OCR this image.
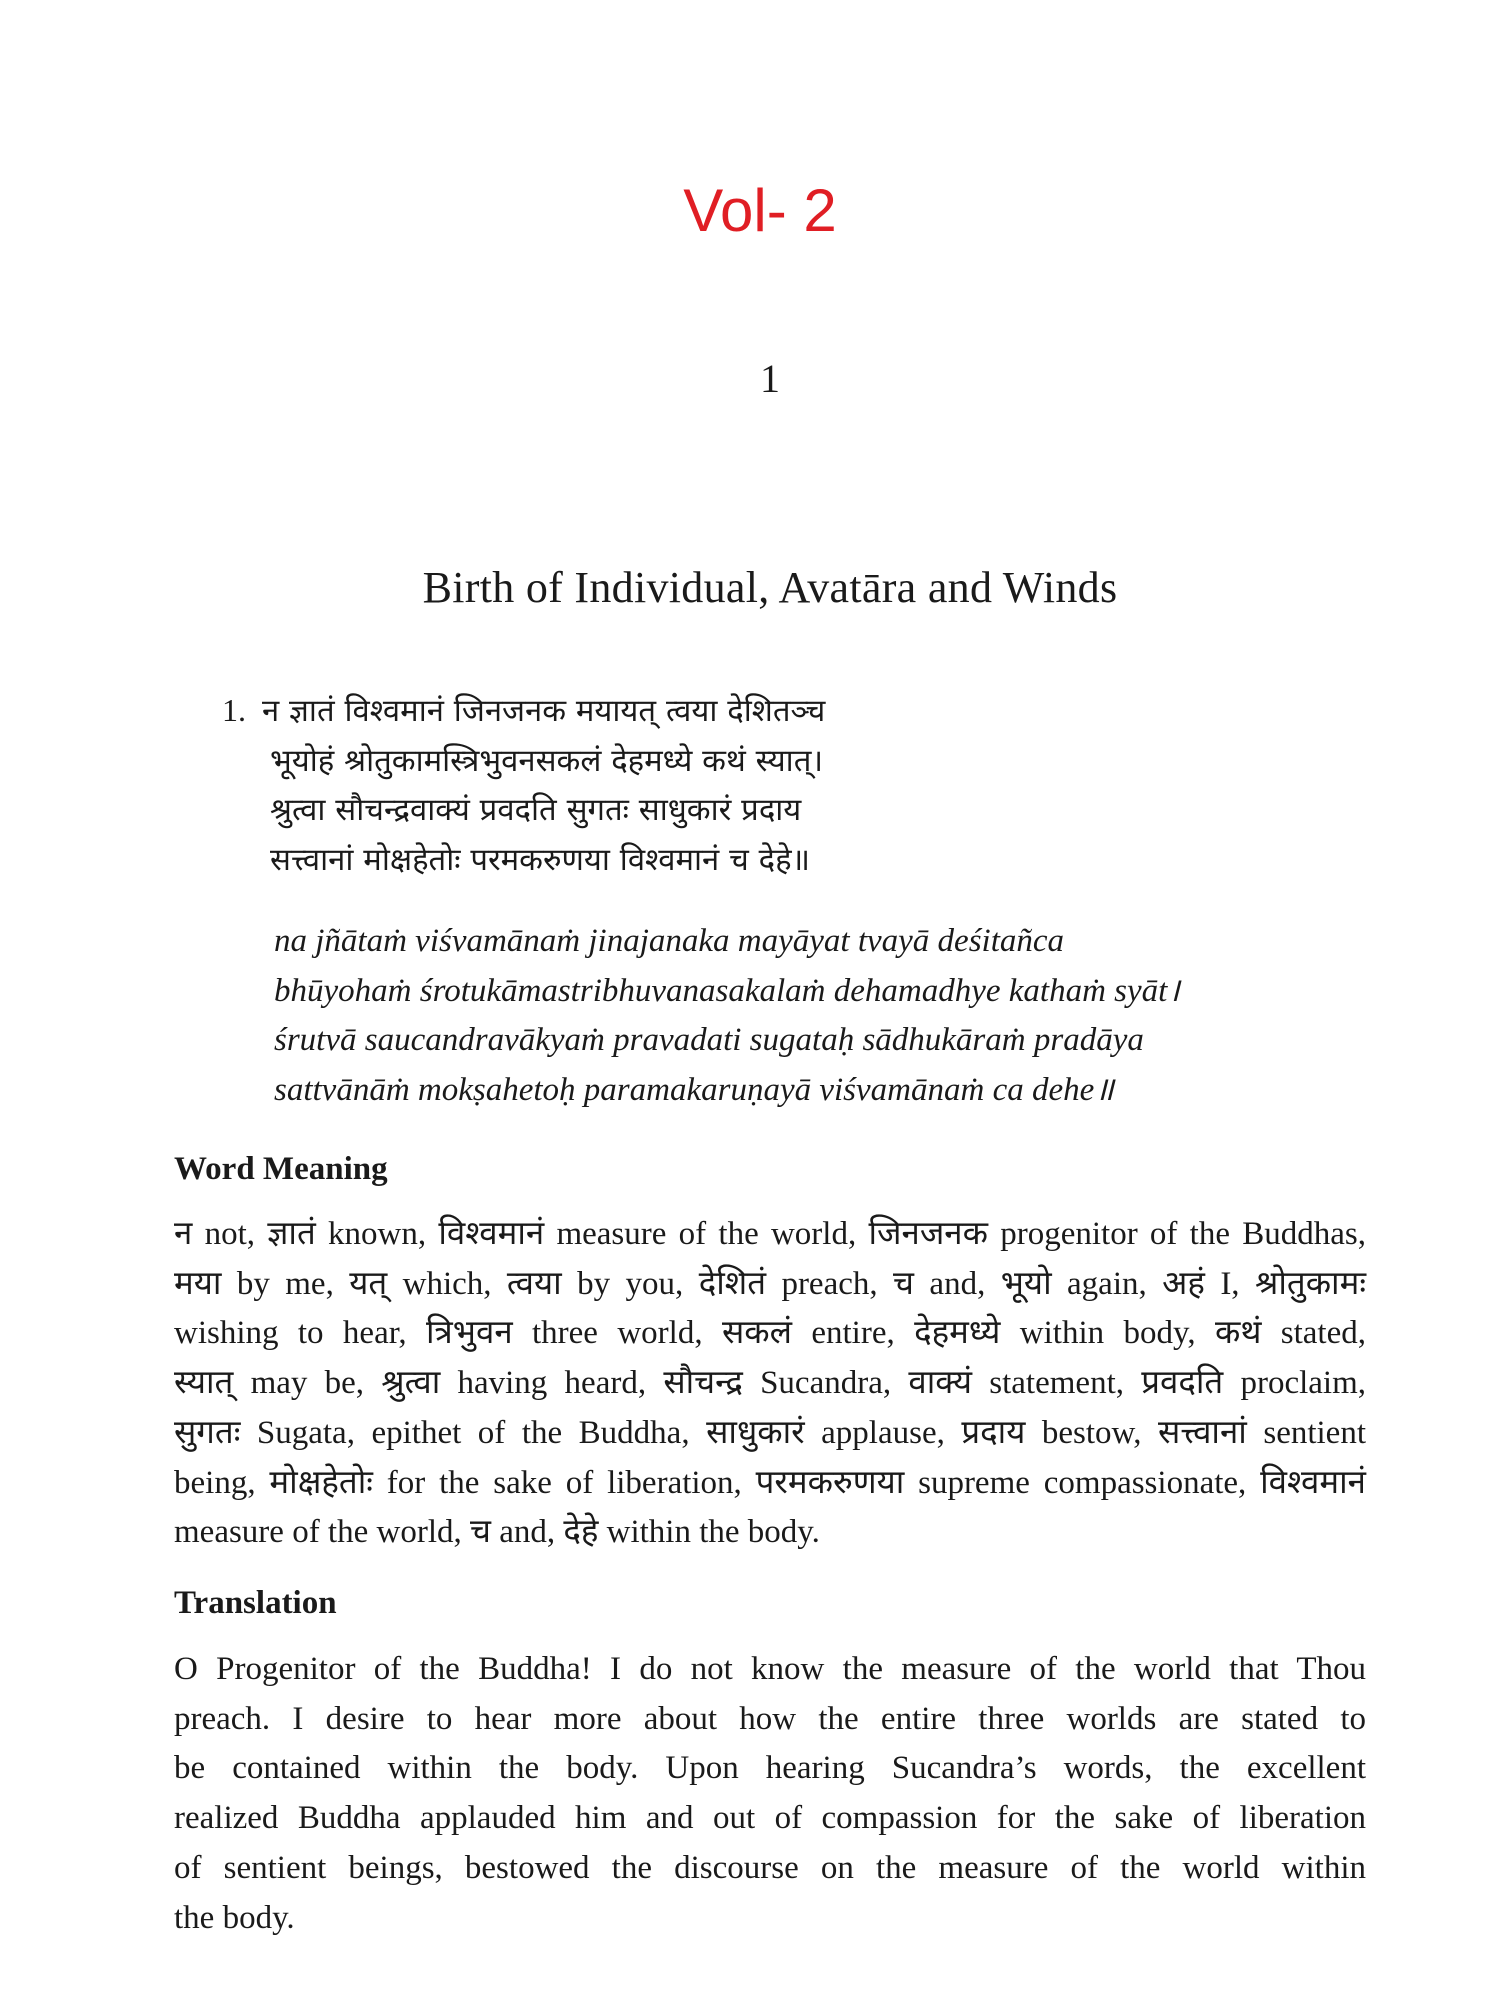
Vol- 2
1
Birth of Individual, Avatāra and Winds
1. न ज्ञातं विश्वमानं जिनजनक मयायत् त्वया देशितञ्च
भूयोहं श्रोतुकामस्त्रिभुवनसकलं देहमध्ये कथं स्यात्।
श्रुत्वा सौचन्द्रवाक्यं प्रवदति सुगतः साधुकारं प्रदाय
सत्त्वानां मोक्षहेतोः परमकरुणया विश्वमानं च देहे॥
na jñātaṁ viśvamānaṁ jinajanaka mayāyat tvayā deśitañca
bhūyohaṁ śrotukāmastribhuvanasakalaṁ dehamadhye kathaṁ syāt।
śrutvā saucandravākyaṁ pravadati sugataḥ sādhukāraṁ pradāya
sattvānāṁ mokṣahetoḥ paramakaruṇayā viśvamānaṁ ca dehe॥
Word Meaning
न not, ज्ञातं known, विश्वमानं measure of the world, जिनजनक progenitor of the Buddhas,
मया by me, यत् which, त्वया by you, देशितं preach, च and, भूयो again, अहं I, श्रोतुकामः
wishing to hear, त्रिभुवन three world, सकलं entire, देहमध्ये within body, कथं stated,
स्यात् may be, श्रुत्वा having heard, सौचन्द्र Sucandra, वाक्यं statement, प्रवदति proclaim,
सुगतः Sugata, epithet of the Buddha, साधुकारं applause, प्रदाय bestow, सत्त्वानां sentient
being, मोक्षहेतोः for the sake of liberation, परमकरुणया supreme compassionate, विश्वमानं
measure of the world, च and, देहे within the body.
Translation
O Progenitor of the Buddha! I do not know the measure of the world that Thou
preach. I desire to hear more about how the entire three worlds are stated to
be contained within the body. Upon hearing Sucandra’s words, the excellent
realized Buddha applauded him and out of compassion for the sake of liberation
of sentient beings, bestowed the discourse on the measure of the world within
the body.
